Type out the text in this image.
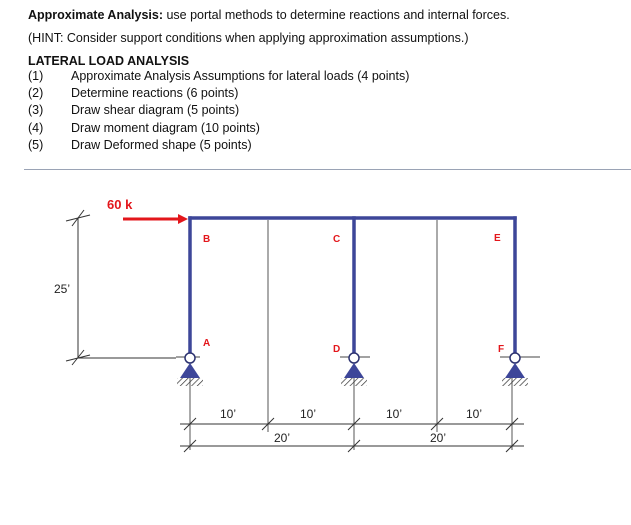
Approximate Analysis: use portal methods to determine reactions and internal forces.
(HINT: Consider support conditions when applying approximation assumptions.)
LATERAL LOAD ANALYSIS
(1) Approximate Analysis Assumptions for lateral loads (4 points)
(2) Determine reactions (6 points)
(3) Draw shear diagram (5 points)
(4) Draw moment diagram (10 points)
(5) Draw Deformed shape (5 points)
25’
60 k
B
A
C
D
E
F
10’	10’	10’	10’
20’	20’
